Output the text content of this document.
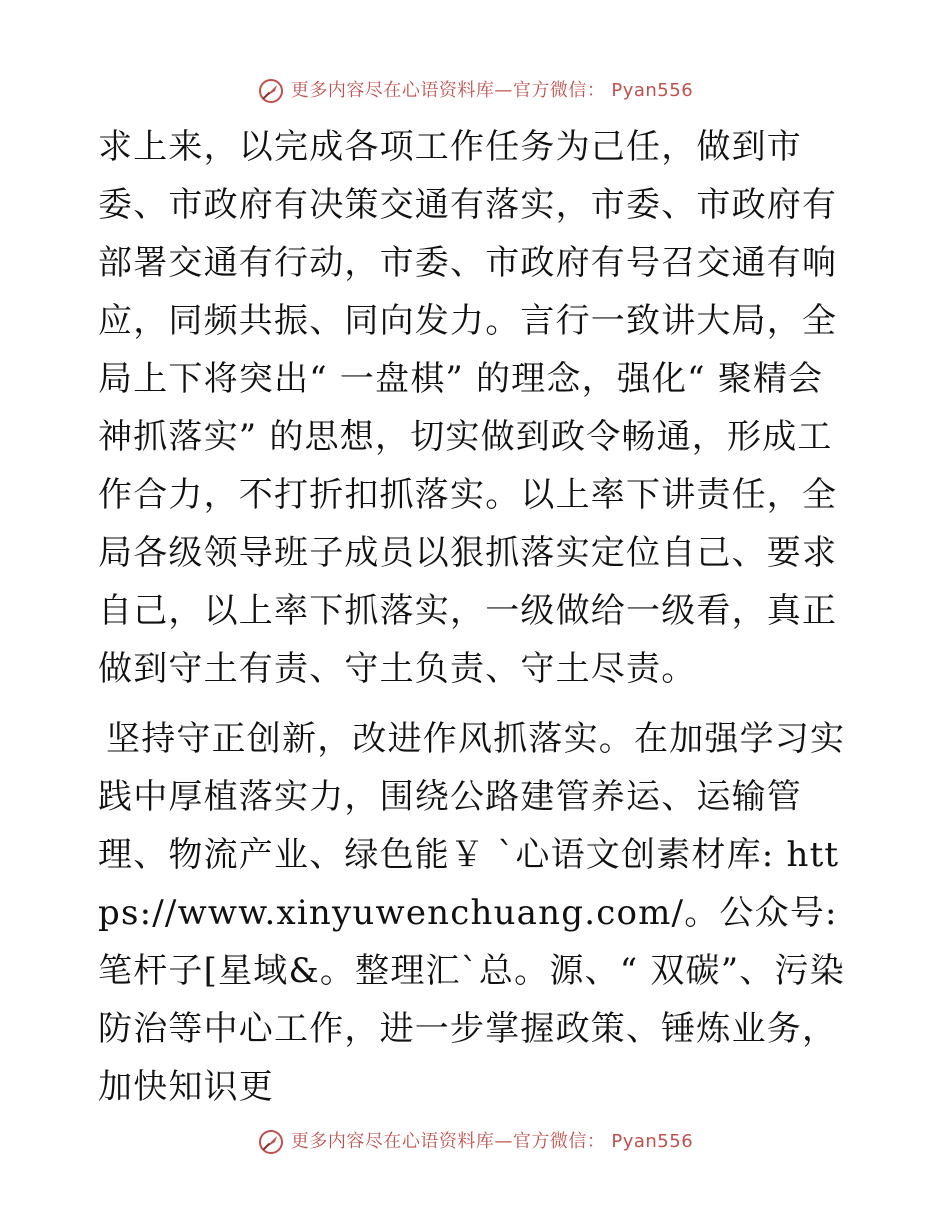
更多内容尽在心语资料库—官方微信： Pyan556

求上来，以完成各项工作任务为己任，做到市委、市政府有决策交通有落实，市委、市政府有部署交通有行动，市委、市政府有号召交通有响应，同频共振、同向发力。言行一致讲大局，全局上下将突出“ 一盘棋” 的理念，强化“ 聚精会神抓落实” 的思想，切实做到政令畅通，形成工作合力，不打折扣抓落实。以上率下讲责任，全局各级领导班子成员以狠抓落实定位自己、要求自己，以上率下抓落实，一级做给一级看，真正做到守土有责、守土负责、守土尽责。

坚持守正创新，改进作风抓落实。在加强学习实践中厚植落实力，围绕公路建管养运、运输管理、物流产业、绿色能￥ `心语文创素材库: https://www.xinyuwenchuang.com/。公众号: 笔杆子[星域&。整理汇`总。源、“ 双碳”、污染防治等中心工作，进一步掌握政策、锤炼业务，加快知识更

更多内容尽在心语资料库—官方微信： Pyan556
